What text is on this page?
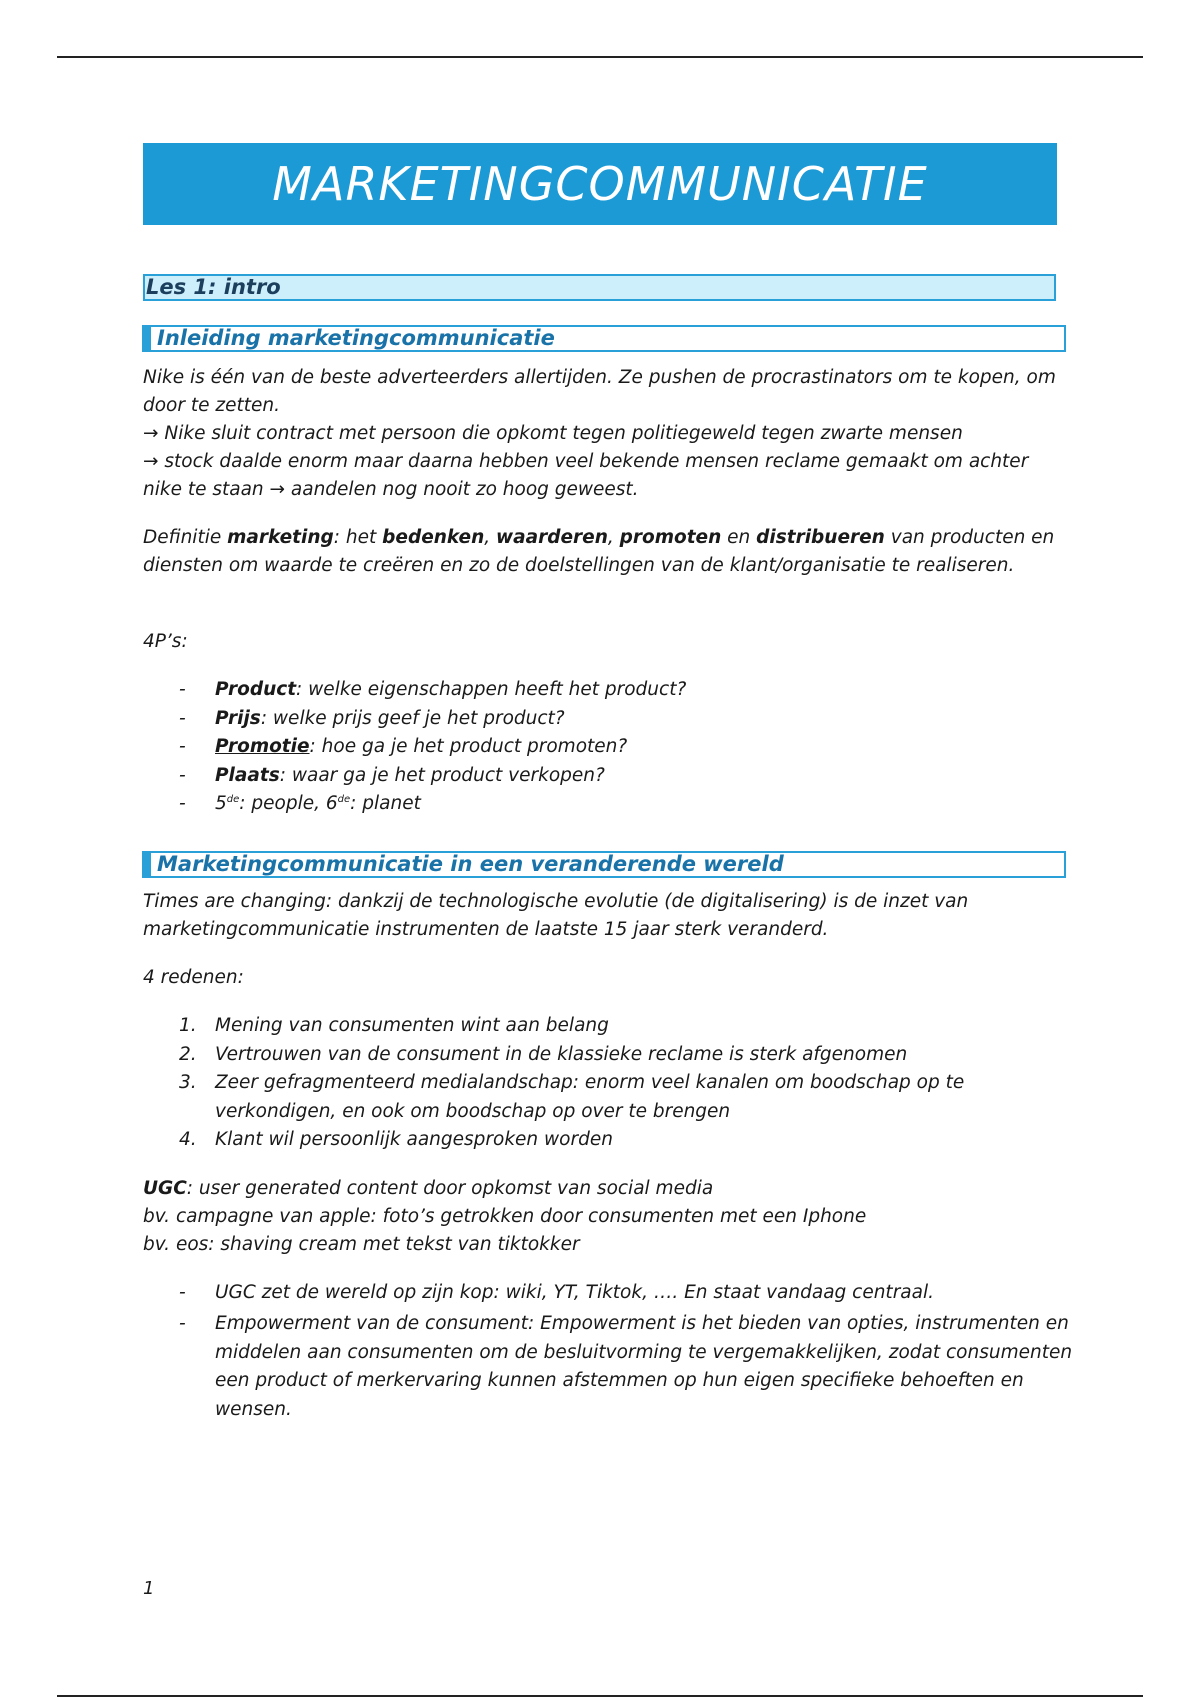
MARKETINGCOMMUNICATIE
Les 1: intro
Inleiding marketingcommunicatie

Nike is één van de beste adverteerders allertijden. Ze pushen de procrastinators om te kopen, om door te zetten.

→ Nike sluit contract met persoon die opkomt tegen politiegeweld tegen zwarte mensen

→ stock daalde enorm maar daarna hebben veel bekende mensen reclame gemaakt om achter nike te staan → aandelen nog nooit zo hoog geweest.

Definitie marketing: het bedenken, waarderen, promoten en distribueren van producten en diensten om waarde te creëren en zo de doelstellingen van de klant/organisatie te realiseren.

4P’s:

- Product: welke eigenschappen heeft het product?
- Prijs: welke prijs geef je het product?
- Promotie: hoe ga je het product promoten?
- Plaats: waar ga je het product verkopen?
- 5de: people, 6de: planet
Marketingcommunicatie in een veranderende wereld

Times are changing: dankzij de technologische evolutie (de digitalisering) is de inzet van marketingcommunicatie instrumenten de laatste 15 jaar sterk veranderd.

4 redenen:

1. Mening van consumenten wint aan belang
2. Vertrouwen van de consument in de klassieke reclame is sterk afgenomen
3. Zeer gefragmenteerd medialandschap: enorm veel kanalen om boodschap op te verkondigen, en ook om boodschap op over te brengen
4. Klant wil persoonlijk aangesproken worden

UGC: user generated content door opkomst van social media

bv. campagne van apple: foto’s getrokken door consumenten met een Iphone

bv. eos: shaving cream met tekst van tiktokker

- UGC zet de wereld op zijn kop: wiki, YT, Tiktok, …. En staat vandaag centraal.
- Empowerment van de consument: Empowerment is het bieden van opties, instrumenten en middelen aan consumenten om de besluitvorming te vergemakkelijken, zodat consumenten een product of merkervaring kunnen afstemmen op hun eigen specifieke behoeften en wensen.
1
